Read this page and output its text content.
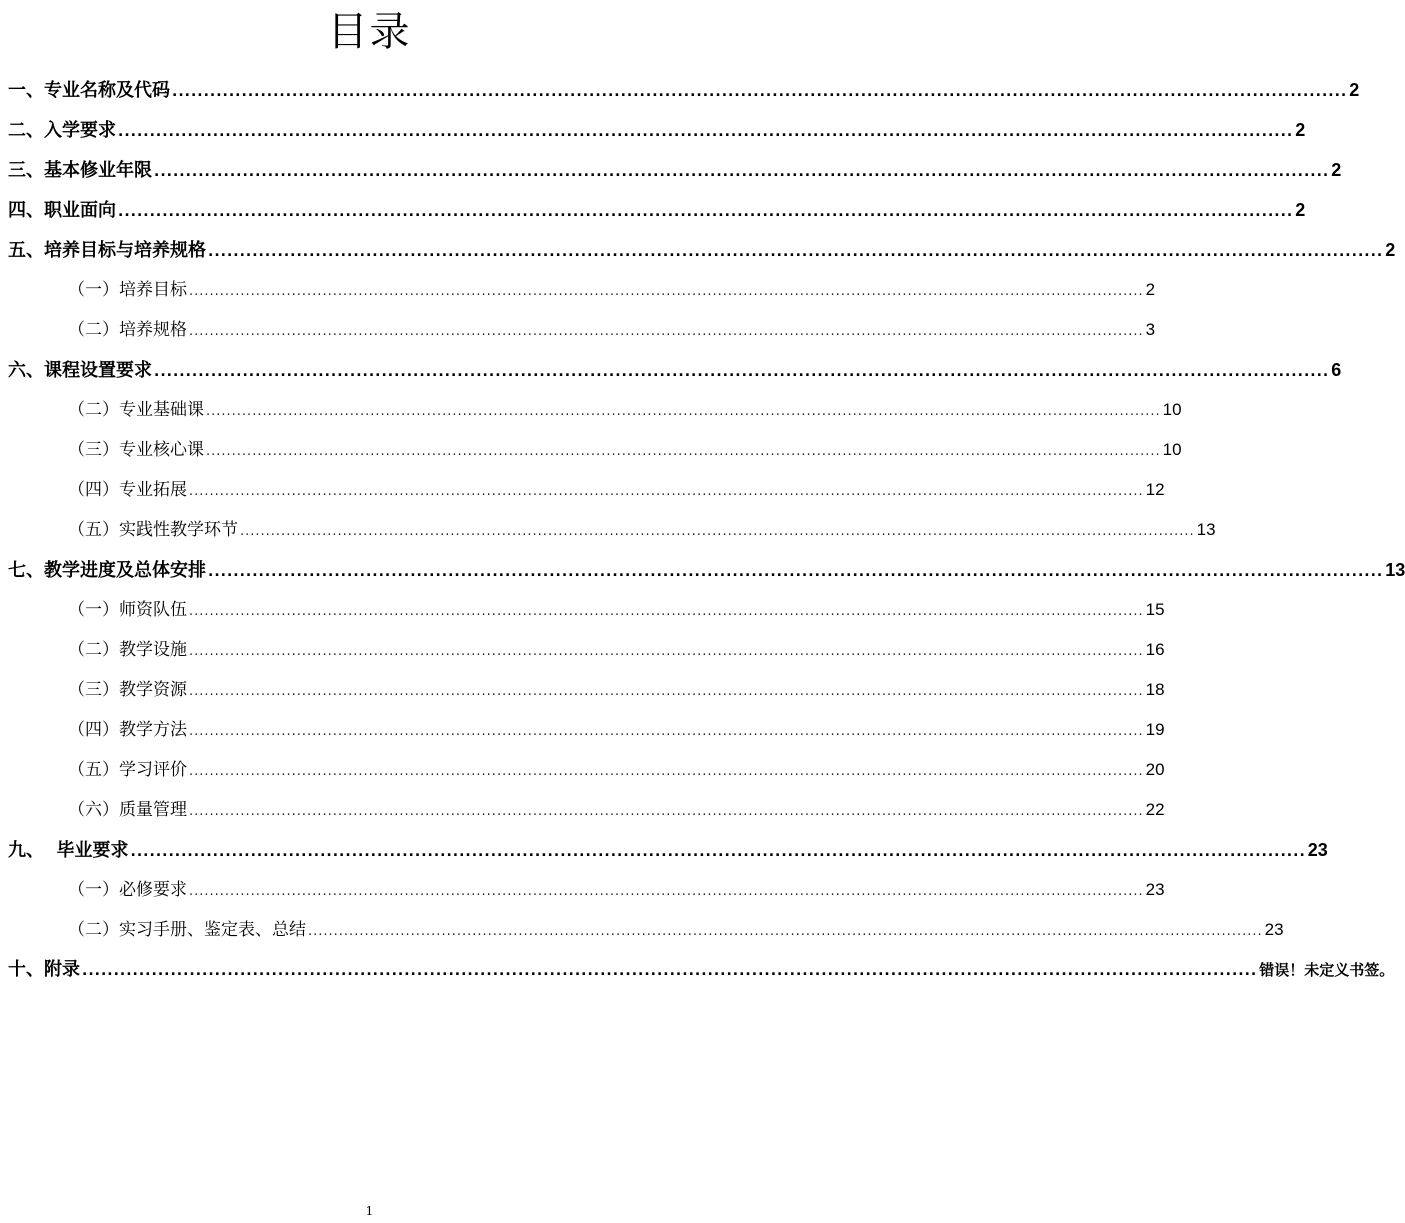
目录
一、专业名称及代码 .......................................................................................................................................................................................... 2
二、入学要求 .......................................................................................................................................................................................... 2
三、基本修业年限 .......................................................................................................................................................................................... 2
四、职业面向 .......................................................................................................................................................................................... 2
五、培养目标与培养规格 .......................................................................................................................................................................................... 2
（一）培养目标 .......................................................................................................................................................................................... 2
（二）培养规格 .......................................................................................................................................................................................... 3
六、课程设置要求 .......................................................................................................................................................................................... 6
（二）专业基础课 .......................................................................................................................................................................................... 10
（三）专业核心课 .......................................................................................................................................................................................... 10
（四）专业拓展 .......................................................................................................................................................................................... 12
（五）实践性教学环节 .......................................................................................................................................................................................... 13
七、教学进度及总体安排 .......................................................................................................................................................................................... 13
（一）师资队伍 .......................................................................................................................................................................................... 15
（二）教学设施 .......................................................................................................................................................................................... 16
（三）教学资源 .......................................................................................................................................................................................... 18
（四）教学方法 .......................................................................................................................................................................................... 19
（五）学习评价 .......................................................................................................................................................................................... 20
（六）质量管理 .......................................................................................................................................................................................... 22
九、  毕业要求 .......................................................................................................................................................................................... 23
（一）必修要求 .......................................................................................................................................................................................... 23
（二）实习手册、鉴定表、总结 .......................................................................................................................................................................................... 23
十、附录 .......................................................................................................................................................................................... 错误！未定义书签。
1
